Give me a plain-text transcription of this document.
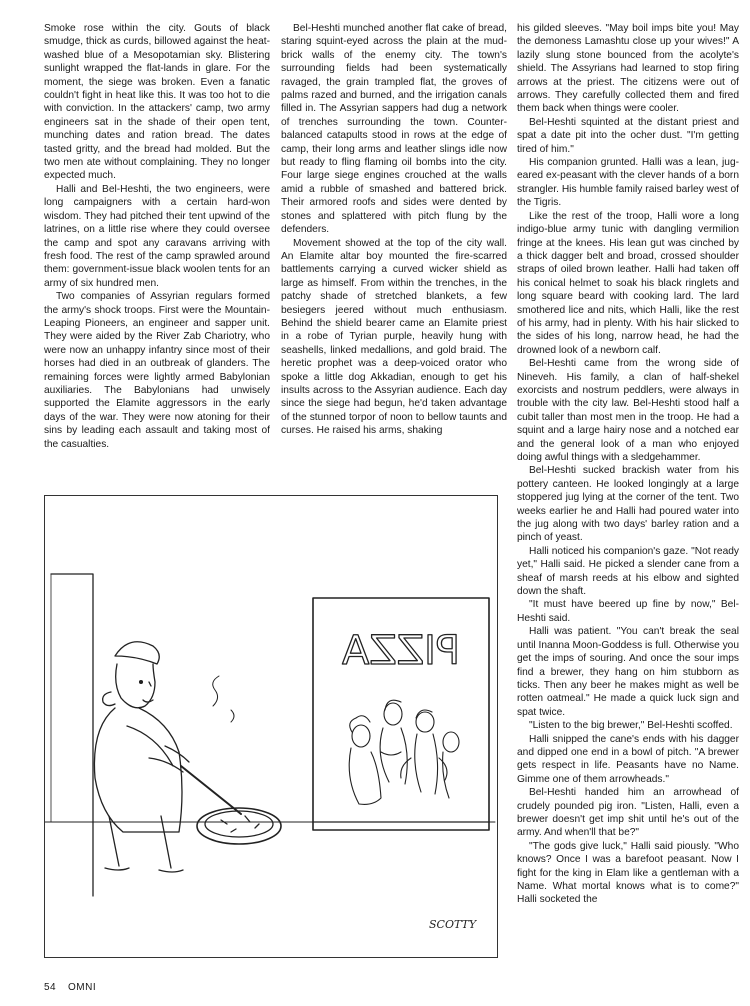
Smoke rose within the city. Gouts of black smudge, thick as curds, billowed against the heat-washed blue of a Mesopotamian sky. Blistering sunlight wrapped the flat-lands in glare. For the moment, the siege was broken. Even a fanatic couldn't fight in heat like this. It was too hot to die with conviction. In the attackers' camp, two army engineers sat in the shade of their open tent, munching dates and ration bread. The dates tasted gritty, and the bread had molded. But the two men ate without complaining. They no longer expected much.

Halli and Bel-Heshti, the two engineers, were long campaigners with a certain hard-won wisdom. They had pitched their tent upwind of the latrines, on a little rise where they could oversee the camp and spot any caravans arriving with fresh food. The rest of the camp sprawled around them: government-issue black woolen tents for an army of six hundred men.

Two companies of Assyrian regulars formed the army's shock troops. First were the Mountain-Leaping Pioneers, an engineer and sapper unit. They were aided by the River Zab Chariotry, who were now an unhappy infantry since most of their horses had died in an outbreak of glanders. The remaining forces were lightly armed Babylonian auxiliaries. The Babylonians had unwisely supported the Elamite aggressors in the early days of the war. They were now atoning for their sins by leading each assault and taking most of the casualties.

Bel-Heshti munched another flat cake of bread, staring squint-eyed across the plain at the mud-brick walls of the enemy city. The town's surrounding fields had been systematically ravaged, the grain trampled flat, the groves of palms razed and burned, and the irrigation canals filled in. The Assyrian sappers had dug a network of trenches surrounding the town. Counter-balanced catapults stood in rows at the edge of camp, their long arms and leather slings idle now but ready to fling flaming oil bombs into the city. Four large siege engines crouched at the walls amid a rubble of smashed and battered brick. Their armored roofs and sides were dented by stones and splattered with pitch flung by the defenders.

Movement showed at the top of the city wall. An Elamite altar boy mounted the fire-scarred battlements carrying a curved wicker shield as large as himself. From within the trenches, in the patchy shade of stretched blankets, a few besiegers jeered without much enthusiasm. Behind the shield bearer came an Elamite priest in a robe of Tyrian purple, heavily hung with seashells, linked medallions, and gold braid. The heretic prophet was a deep-voiced orator who spoke a little dog Akkadian, enough to get his insults across to the Assyrian audience. Each day since the siege had begun, he'd taken advantage of the stunned torpor of noon to bellow taunts and curses. He raised his arms, shaking

his gilded sleeves. "May boil imps bite you! May the demoness Lamashtu close up your wives!" A lazily slung stone bounced from the acolyte's shield. The Assyrians had learned to stop firing arrows at the priest. The citizens were out of arrows. They carefully collected them and fired them back when things were cooler.

Bel-Heshti squinted at the distant priest and spat a date pit into the ocher dust. "I'm getting tired of him."

His companion grunted. Halli was a lean, jug-eared ex-peasant with the clever hands of a born strangler. His humble family raised barley west of the Tigris.

Like the rest of the troop, Halli wore a long indigo-blue army tunic with dangling vermilion fringe at the knees. His lean gut was cinched by a thick dagger belt and broad, crossed shoulder straps of oiled brown leather. Halli had taken off his conical helmet to soak his black ringlets and long square beard with cooking lard. The lard smothered lice and nits, which Halli, like the rest of his army, had in plenty. With his hair slicked to the sides of his long, narrow head, he had the drowned look of a newborn calf.

Bel-Heshti came from the wrong side of Nineveh. His family, a clan of half-shekel exorcists and nostrum peddlers, were always in trouble with the city law. Bel-Heshti stood half a cubit taller than most men in the troop. He had a squint and a large hairy nose and a notched ear and the general look of a man who enjoyed doing awful things with a sledgehammer.

Bel-Heshti sucked brackish water from his pottery canteen. He looked longingly at a large stoppered jug lying at the corner of the tent. Two weeks earlier he and Halli had poured water into the jug along with two days' barley ration and a pinch of yeast.

Halli noticed his companion's gaze. "Not ready yet," Halli said. He picked a slender cane from a sheaf of marsh reeds at his elbow and sighted down the shaft.

"It must have beered up fine by now," Bel-Heshti said.

Halli was patient. "You can't break the seal until Inanna Moon-Goddess is full. Otherwise you get the imps of souring. And once the sour imps find a brewer, they hang on him stubborn as ticks. Then any beer he makes might as well be rotten oatmeal." He made a quick luck sign and spat twice.

"Listen to the big brewer," Bel-Heshti scoffed.

Halli snipped the cane's ends with his dagger and dipped one end in a bowl of pitch. "A brewer gets respect in life. Peasants have no Name. Gimme one of them arrowheads."

Bel-Heshti handed him an arrowhead of crudely pounded pig iron. "Listen, Halli, even a brewer doesn't get imp shit until he's out of the army. And when'll that be?"

"The gods give luck," Halli said piously. "Who knows? Once I was a barefoot peasant. Now I fight for the king in Elam like a gentleman with a Name. What mortal knows what is to come?" Halli socketed the

PIZZA
SCOTTY
54 OMNI
